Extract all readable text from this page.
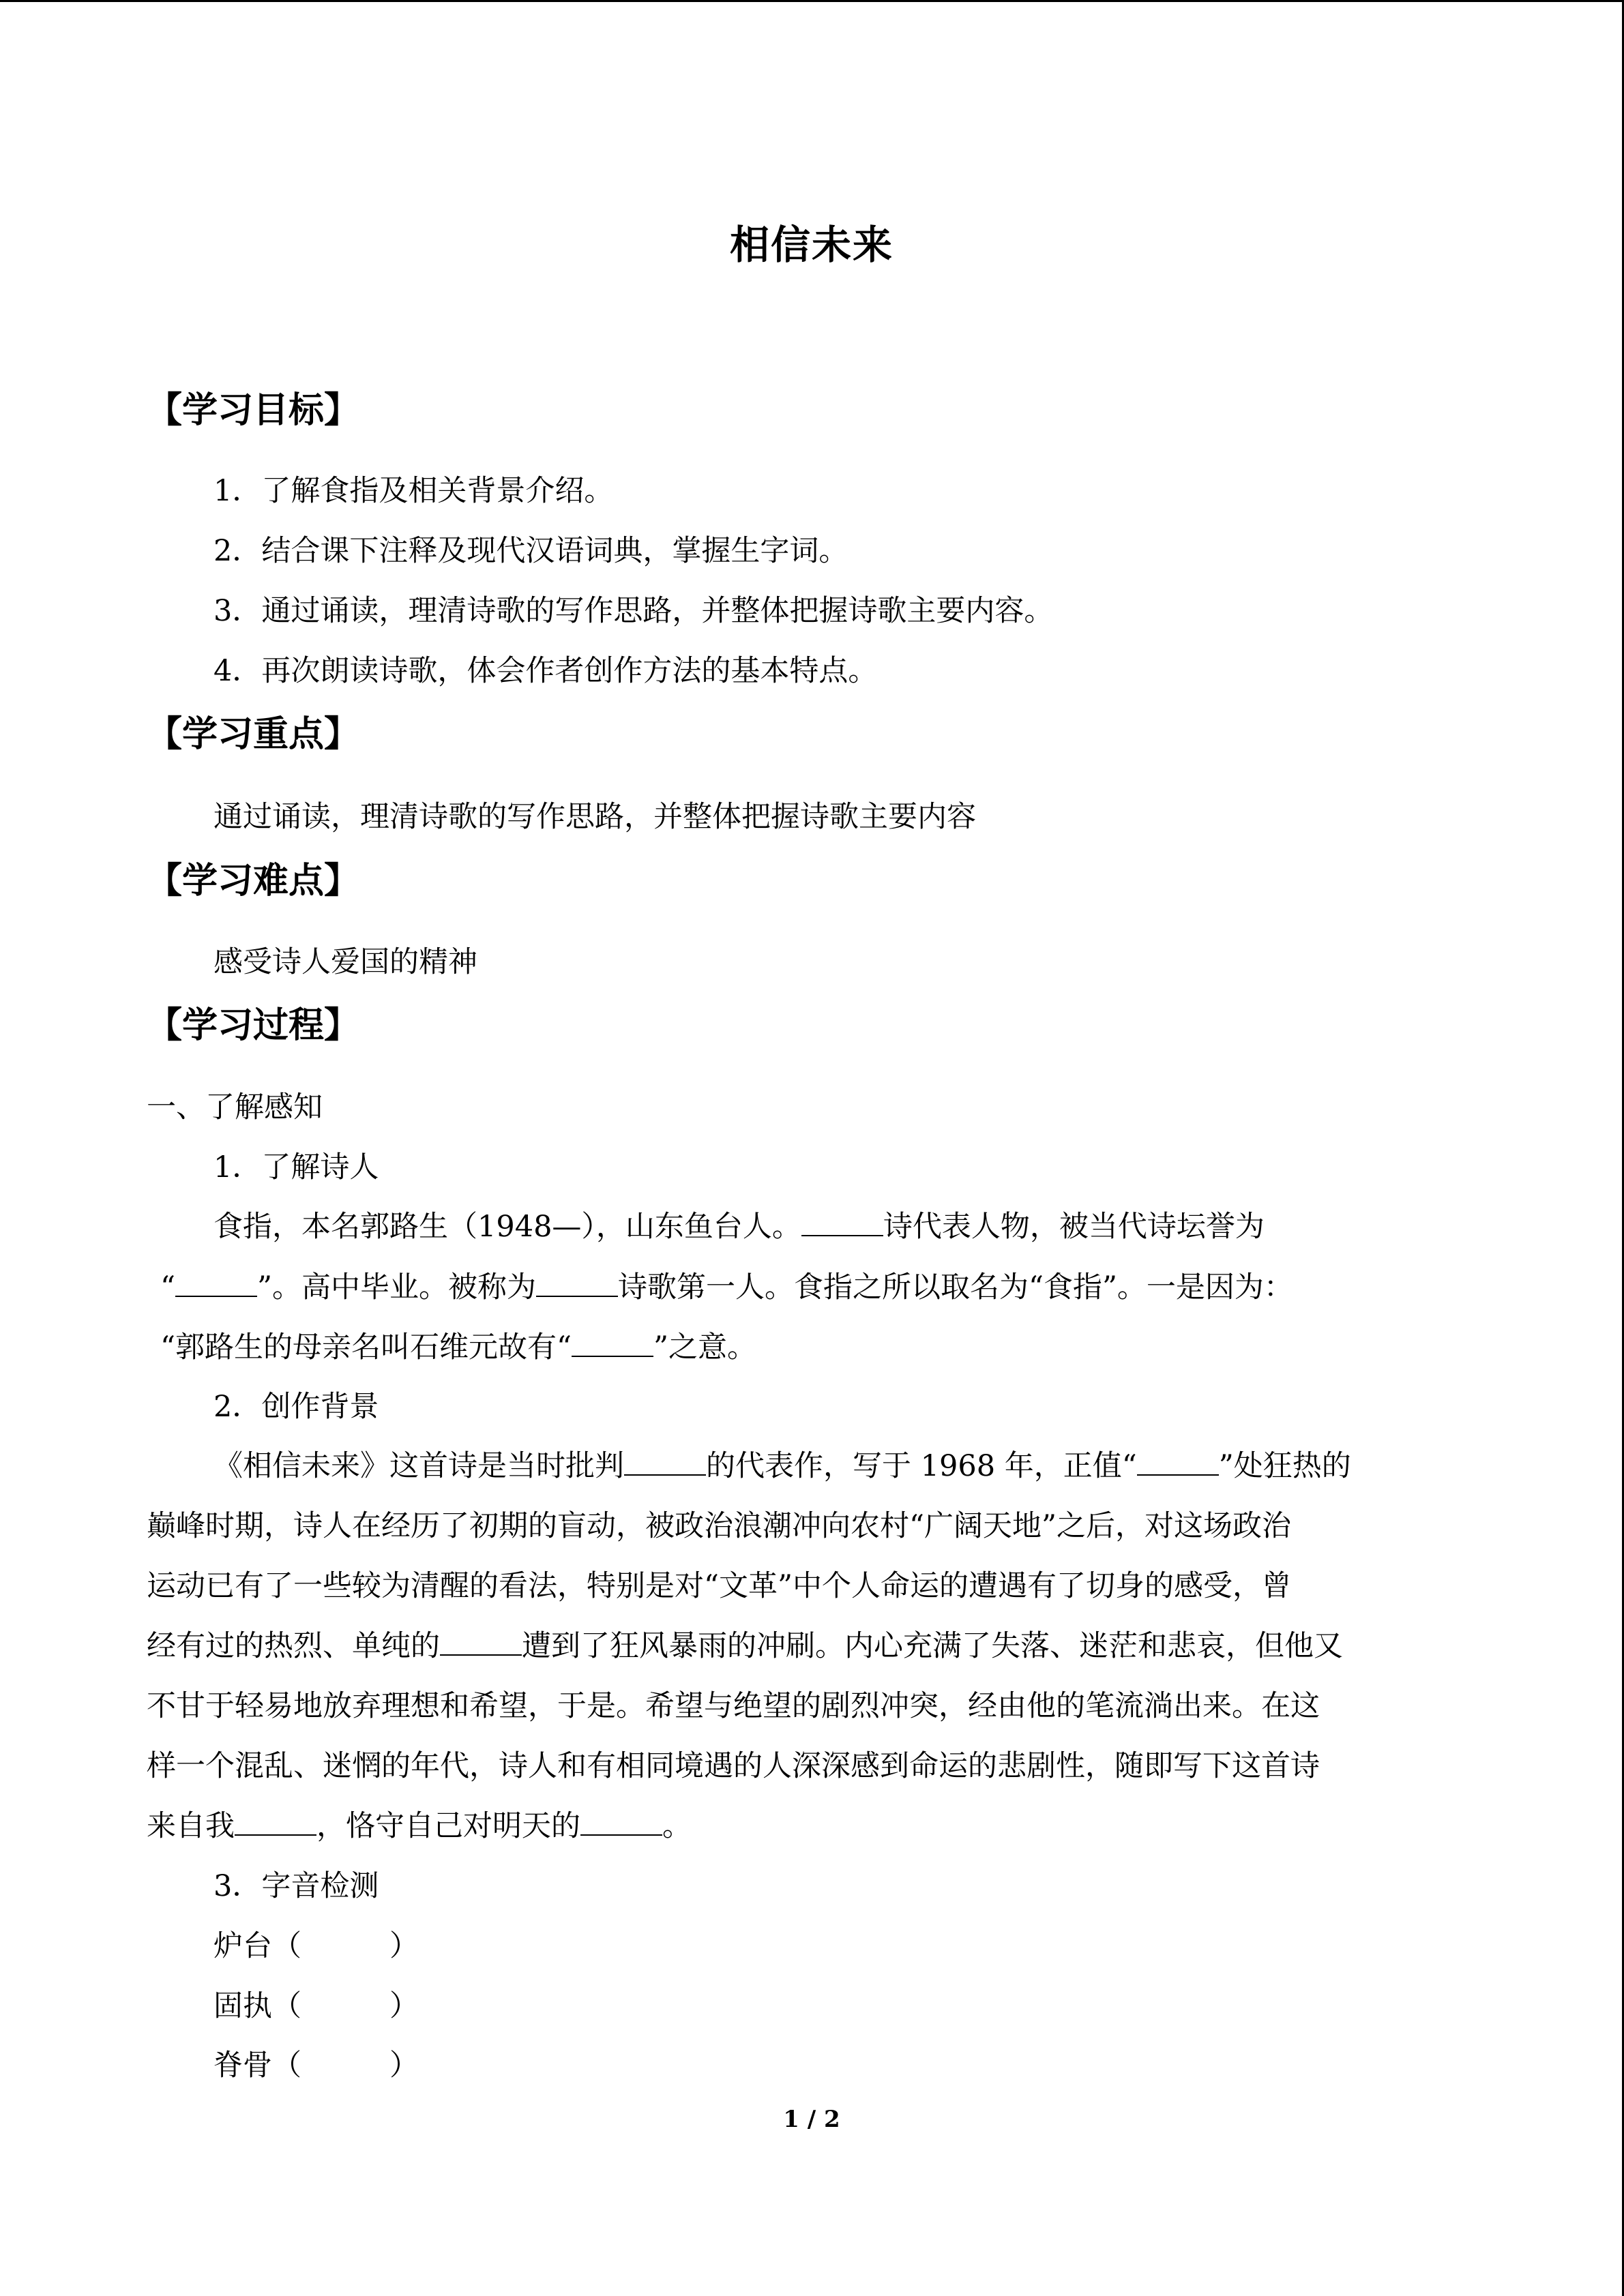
相信未来
【学习目标】
1．了解食指及相关背景介绍。
2．结合课下注释及现代汉语词典，掌握生字词。
3．通过诵读，理清诗歌的写作思路，并整体把握诗歌主要内容。
4．再次朗读诗歌，体会作者创作方法的基本特点。
【学习重点】
通过诵读，理清诗歌的写作思路，并整体把握诗歌主要内容
【学习难点】
感受诗人爱国的精神
【学习过程】
一、了解感知
1．了解诗人
食指，本名郭路生（1948—），山东鱼台人。	诗代表人物，被当代诗坛誉为
“	”。高中毕业。被称为	诗歌第一人。食指之所以取名为“食指”。一是因为：
“郭路生的母亲名叫石维元故有“	”之意。
2．创作背景
《相信未来》这首诗是当时批判	的代表作，写于 1968 年，正值“	”处狂热的
巅峰时期，诗人在经历了初期的盲动，被政治浪潮冲向农村“广阔天地”之后，对这场政治
运动已有了一些较为清醒的看法，特别是对“文革”中个人命运的遭遇有了切身的感受，曾
经有过的热烈、单纯的	遭到了狂风暴雨的冲刷。内心充满了失落、迷茫和悲哀，但他又
不甘于轻易地放弃理想和希望，于是。希望与绝望的剧烈冲突，经由他的笔流淌出来。在这
样一个混乱、迷惘的年代，诗人和有相同境遇的人深深感到命运的悲剧性，随即写下这首诗
来自我	，恪守自己对明天的	。
3．字音检测
炉台（　　　）
固执（　　　）
脊骨（　　　）
1 / 2
